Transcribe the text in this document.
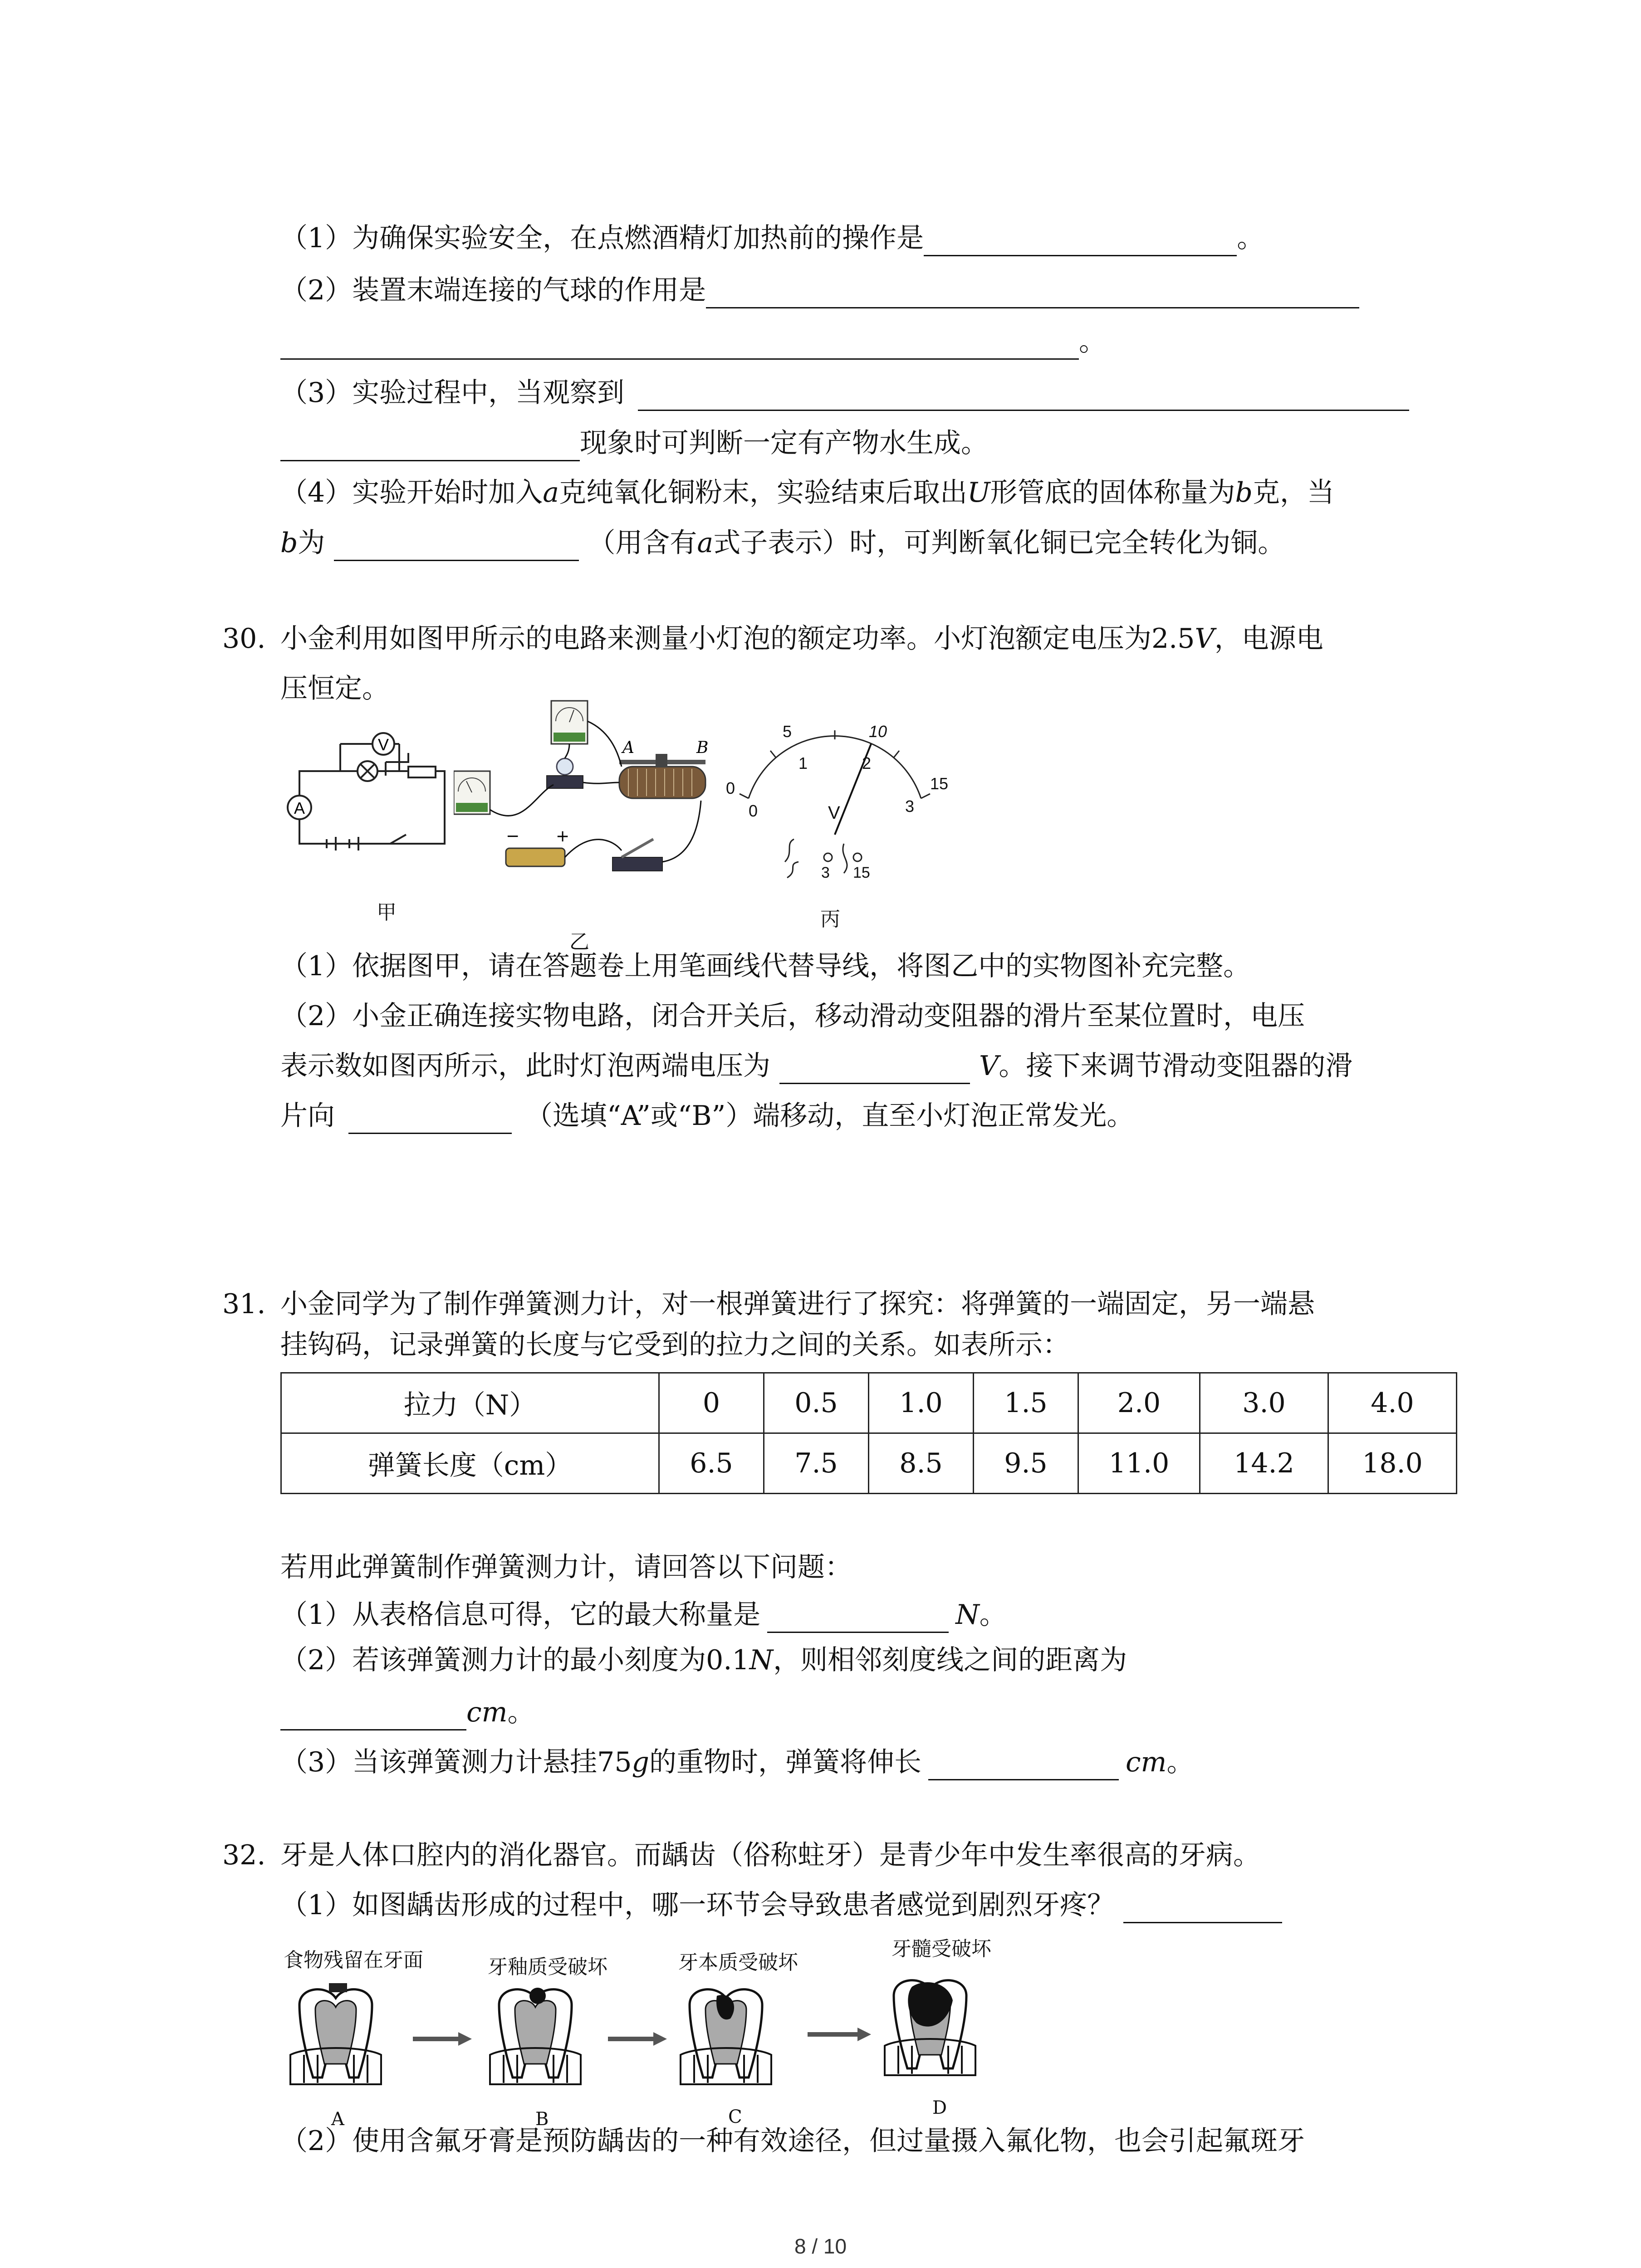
（1）为确保实验安全，在点燃酒精灯加热前的操作是	。
（2）装置末端连接的气球的作用是
。
（3）实验过程中，当观察到
现象时可判断一定有产物水生成。
（4）实验开始时加入a克纯氧化铜粉末，实验结束后取出U形管底的固体称量为b克，当
b为	（用含有a式子表示）时，可判断氧化铜已完全转化为铜。
30. 小金利用如图甲所示的电路来测量小灯泡的额定功率。小灯泡额定电压为2.5V，电源电
压恒定。
V
A
甲
A	B
− +
乙
0
5	10
15
0
1	2
3
V
3 15
丙
（1）依据图甲，请在答题卷上用笔画线代替导线，将图乙中的实物图补充完整。
（2）小金正确连接实物电路，闭合开关后，移动滑动变阻器的滑片至某位置时，电压
表示数如图丙所示，此时灯泡两端电压为	V。接下来调节滑动变阻器的滑
片向	（选填“A”或“B”）端移动，直至小灯泡正常发光。
31. 小金同学为了制作弹簧测力计，对一根弹簧进行了探究：将弹簧的一端固定，另一端悬
挂钩码，记录弹簧的长度与它受到的拉力之间的关系。如表所示：
拉力（N）	0	0.5	1.0	1.5	2.0	3.0	4.0
弹簧长度（cm）	6.5	7.5	8.5	9.5	11.0	14.2	18.0
若用此弹簧制作弹簧测力计，请回答以下问题：
（1）从表格信息可得，它的最大称量是	N。
（2）若该弹簧测力计的最小刻度为0.1N，则相邻刻度线之间的距离为
cm。
（3）当该弹簧测力计悬挂75g的重物时，弹簧将伸长	cm。
32. 牙是人体口腔内的消化器官。而龋齿（俗称蛀牙）是青少年中发生率很高的牙病。
（1）如图龋齿形成的过程中，哪一环节会导致患者感觉到剧烈牙疼？
食物残留在牙面	牙釉质受破坏	牙本质受破坏
牙髓受破坏
A	B	C	D
（2）使用含氟牙膏是预防龋齿的一种有效途径，但过量摄入氟化物，也会引起氟斑牙
8 / 10
